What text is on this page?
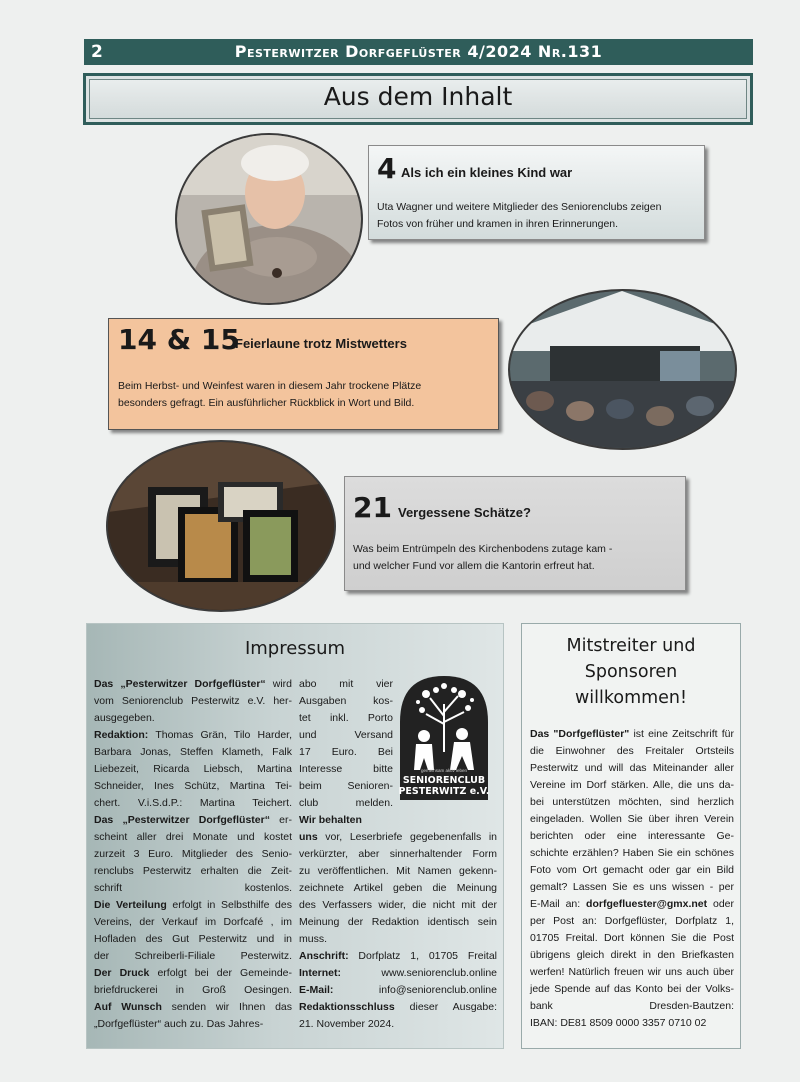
2	Pesterwitzer Dorfgeflüster 4/2024 Nr.131
Aus dem Inhalt
4 Als ich ein kleines Kind war
Uta Wagner und weitere Mitglieder des Seniorenclubs zeigen
Fotos von früher und kramen in ihren Erinnerungen.
14 & 15
Feierlaune trotz Mistwetters
Beim Herbst- und Weinfest waren in diesem Jahr trockene Plätze
besonders gefragt. Ein ausführlicher Rückblick in Wort und Bild.
21 Vergessene Schätze?
Was beim Entrümpeln des Kirchenbodens zutage kam -
und welcher Fund vor allem die Kantorin erfreut hat.
Impressum

Das „Pesterwitzer Dorfgeflüster“ wird

vom Seniorenclub Pesterwitz e.V. her-

ausgegeben.

Redaktion: Thomas Grän, Tilo Harder,

Barbara Jonas, Steffen Klameth, Falk

Liebezeit, Ricarda Liebsch, Martina

Schneider, Ines Schütz, Martina Tei-

chert. V.i.S.d.P.: Martina Teichert.

Das „Pesterwitzer Dorfgeflüster“ er-

scheint aller drei Monate und kostet

zurzeit 3 Euro. Mitglieder des Senio-

renclubs Pesterwitz erhalten die Zeit-

schrift kostenlos.

Die Verteilung erfolgt in Selbsthilfe des

Vereins, der Verkauf im Dorfcafé , im

Hofladen des Gut Pesterwitz und in

der Schreiberli-Filiale Pesterwitz.

Der Druck erfolgt bei der Gemeinde-

briefdruckerei in Groß Oesingen.

Auf Wunsch senden wir Ihnen das

„Dorfgeflüster“ auch zu. Das Jahres-

abo mit vier

Ausgaben kos-

tet inkl. Porto

und Versand

17 Euro. Bei

Interesse bitte

beim Senioren-

club melden.

Wir behalten

uns vor, Leserbriefe gegebenenfalls in

verkürzter, aber sinnerhaltender Form

zu veröffentlichen. Mit Namen gekenn-

zeichnete Artikel geben die Meinung

des Verfassers wider, die nicht mit der

Meinung der Redaktion identisch sein

muss.

Anschrift: Dorfplatz 1, 01705 Freital

Internet: www.seniorenclub.online

E-Mail: info@seniorenclub.online

Redaktionsschluss dieser Ausgabe:

21. November 2024.

gemeinsam aktiv leben
SENIORENCLUB
PESTERWITZ e.V.
Mitstreiter und
Sponsoren
willkommen!

Das "Dorfgeflüster" ist eine Zeitschrift für

die Einwohner des Freitaler Ortsteils

Pesterwitz und will das Miteinander aller

Vereine im Dorf stärken. Alle, die uns da-

bei unterstützen möchten, sind herzlich

eingeladen. Wollen Sie über ihren Verein

berichten oder eine interessante Ge-

schichte erzählen? Haben Sie ein schönes

Foto vom Ort gemacht oder gar ein Bild

gemalt? Lassen Sie es uns wissen - per

E-Mail an: dorfgefluester@gmx.net oder

per Post an: Dorfgeflüster, Dorfplatz 1,

01705 Freital. Dort können Sie die Post

übrigens gleich direkt in den Briefkasten

werfen! Natürlich freuen wir uns auch über

jede Spende auf das Konto bei der Volks-

bank Dresden-Bautzen:

IBAN: DE81 8509 0000 3357 0710 02
